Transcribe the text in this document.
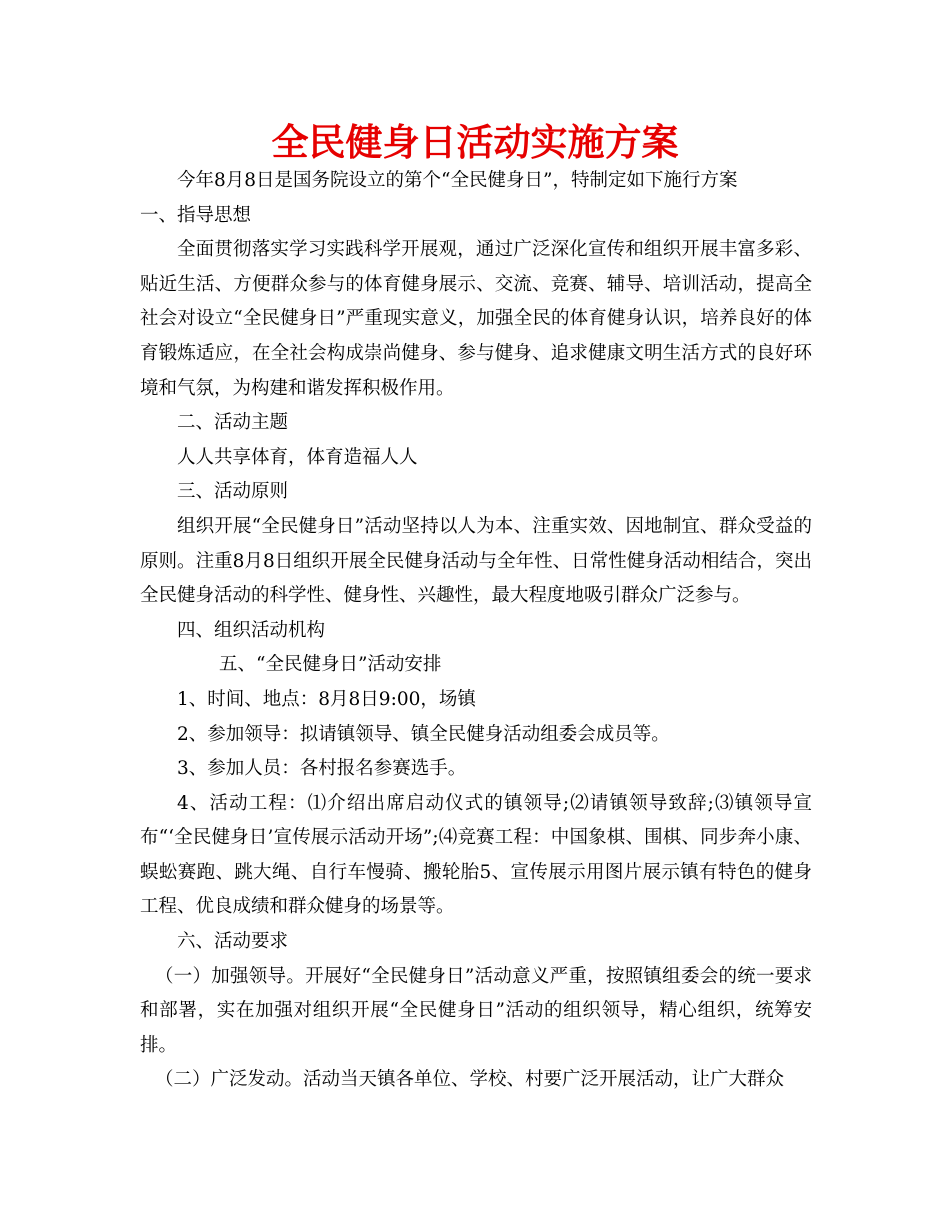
全民健身日活动实施方案

今年8月8日是国务院设立的第个“全民健身日”，特制定如下施行方案

一、指导思想

全面贯彻落实学习实践科学开展观，通过广泛深化宣传和组织开展丰富多彩、贴近生活、方便群众参与的体育健身展示、交流、竞赛、辅导、培训活动，提高全社会对设立“全民健身日”严重现实意义，加强全民的体育健身认识，培养良好的体育锻炼适应，在全社会构成崇尚健身、参与健身、追求健康文明生活方式的良好环境和气氛，为构建和谐发挥积极作用。

二、活动主题

人人共享体育，体育造福人人

三、活动原则

组织开展“全民健身日”活动坚持以人为本、注重实效、因地制宜、群众受益的原则。注重8月8日组织开展全民健身活动与全年性、日常性健身活动相结合，突出全民健身活动的科学性、健身性、兴趣性，最大程度地吸引群众广泛参与。

四、组织活动机构

五、“全民健身日”活动安排

1、时间、地点：8月8日9:00，场镇

2、参加领导：拟请镇领导、镇全民健身活动组委会成员等。

3、参加人员：各村报名参赛选手。

4、活动工程：⑴介绍出席启动仪式的镇领导;⑵请镇领导致辞;⑶镇领导宣布“‘全民健身日’宣传展示活动开场”;⑷竞赛工程：中国象棋、围棋、同步奔小康、蜈蚣赛跑、跳大绳、自行车慢骑、搬轮胎5、宣传展示用图片展示镇有特色的健身工程、优良成绩和群众健身的场景等。

六、活动要求

（一）加强领导。开展好“全民健身日”活动意义严重，按照镇组委会的统一要求和部署，实在加强对组织开展“全民健身日”活动的组织领导，精心组织，统筹安排。

（二）广泛发动。活动当天镇各单位、学校、村要广泛开展活动，让广大群众
